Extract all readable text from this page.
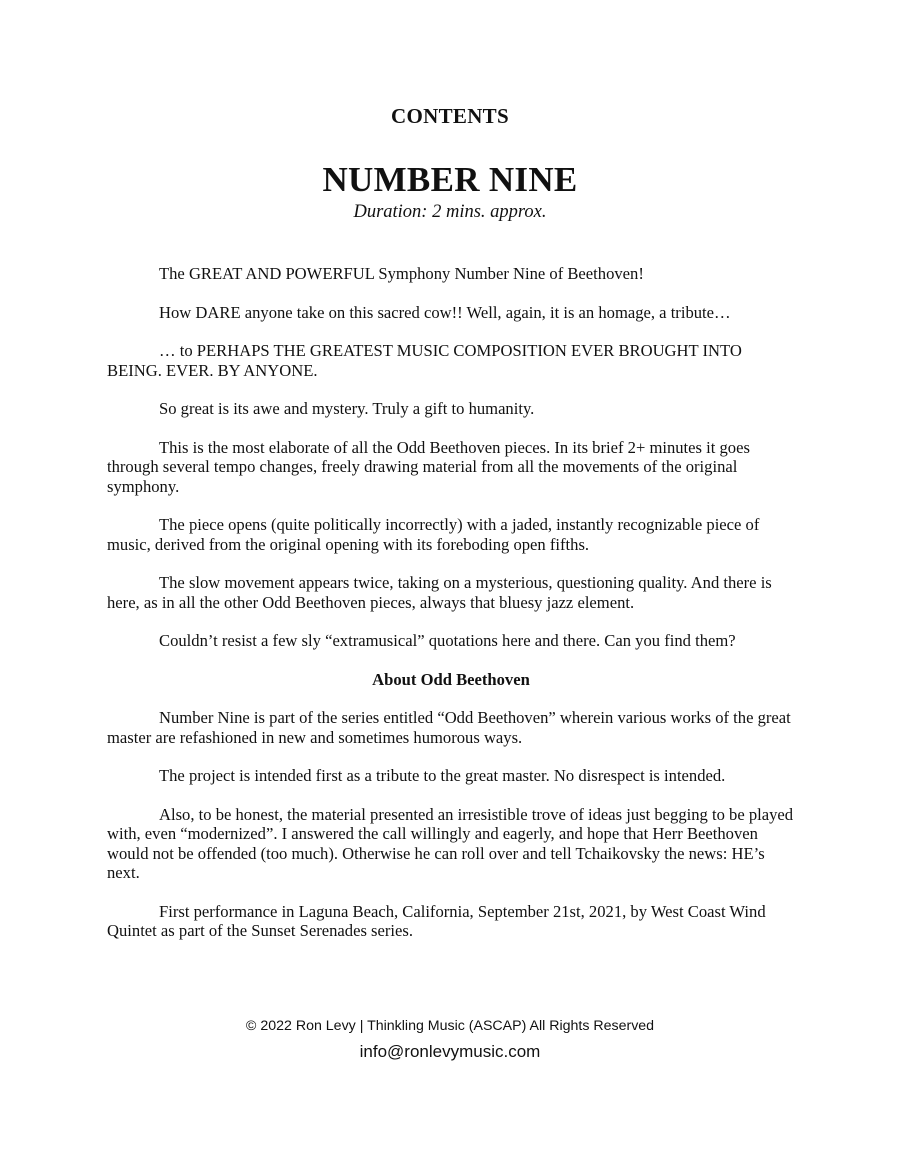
CONTENTS
NUMBER NINE
Duration: 2 mins. approx.

The GREAT AND POWERFUL Symphony Number Nine of Beethoven!

How DARE anyone take on this sacred cow!! Well, again, it is an homage, a tribute…

… to PERHAPS THE GREATEST MUSIC COMPOSITION EVER BROUGHT INTO BEING. EVER. BY ANYONE.

So great is its awe and mystery. Truly a gift to humanity.

This is the most elaborate of all the Odd Beethoven pieces. In its brief 2+ minutes it goes through several tempo changes, freely drawing material from all the movements of the original symphony.

The piece opens (quite politically incorrectly) with a jaded, instantly recognizable piece of music, derived from the original opening with its foreboding open fifths.

The slow movement appears twice, taking on a mysterious, questioning quality. And there is here, as in all the other Odd Beethoven pieces, always that bluesy jazz element.

Couldn’t resist a few sly “extramusical” quotations here and there. Can you find them?

About Odd Beethoven

Number Nine is part of the series entitled “Odd Beethoven” wherein various works of the great master are refashioned in new and sometimes humorous ways.

The project is intended first as a tribute to the great master. No disrespect is intended.

Also, to be honest, the material presented an irresistible trove of ideas just begging to be played with, even “modernized”. I answered the call willingly and eagerly, and hope that Herr Beethoven would not be offended (too much). Otherwise he can roll over and tell Tchaikovsky the news: HE’s next.

First performance in Laguna Beach, California, September 21st, 2021, by West Coast Wind Quintet as part of the Sunset Serenades series.

© 2022 Ron Levy | Thinkling Music (ASCAP) All Rights Reserved
info@ronlevymusic.com
